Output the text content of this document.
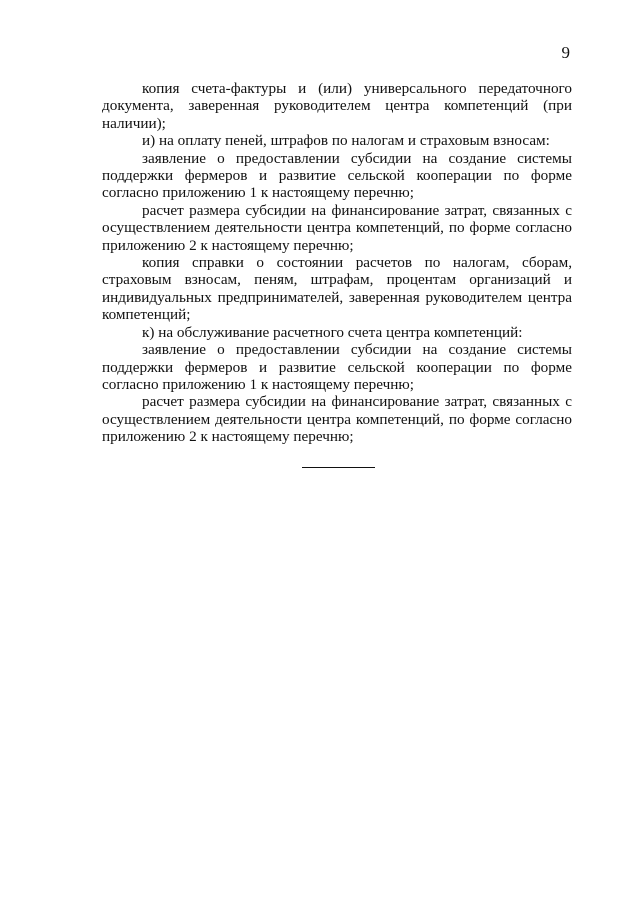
9

копия счета-фактуры и (или) универсального передаточного документа, заверенная руководителем центра компетенций (при наличии);

и) на оплату пеней, штрафов по налогам и страховым взносам:

заявление о предоставлении субсидии на создание системы поддержки фермеров и развитие сельской кооперации по форме согласно приложению 1 к настоящему перечню;

расчет размера субсидии на финансирование затрат, связанных с осуществлением деятельности центра компетенций, по форме согласно приложению 2 к настоящему перечню;

копия справки о состоянии расчетов по налогам, сборам, страховым взносам, пеням, штрафам, процентам организаций и индивидуальных предпринимателей, заверенная руководителем центра компетенций;

к) на обслуживание расчетного счета центра компетенций:

заявление о предоставлении субсидии на создание системы поддержки фермеров и развитие сельской кооперации по форме согласно приложению 1 к настоящему перечню;

расчет размера субсидии на финансирование затрат, связанных с осуществлением деятельности центра компетенций, по форме согласно приложению 2 к настоящему перечню;
